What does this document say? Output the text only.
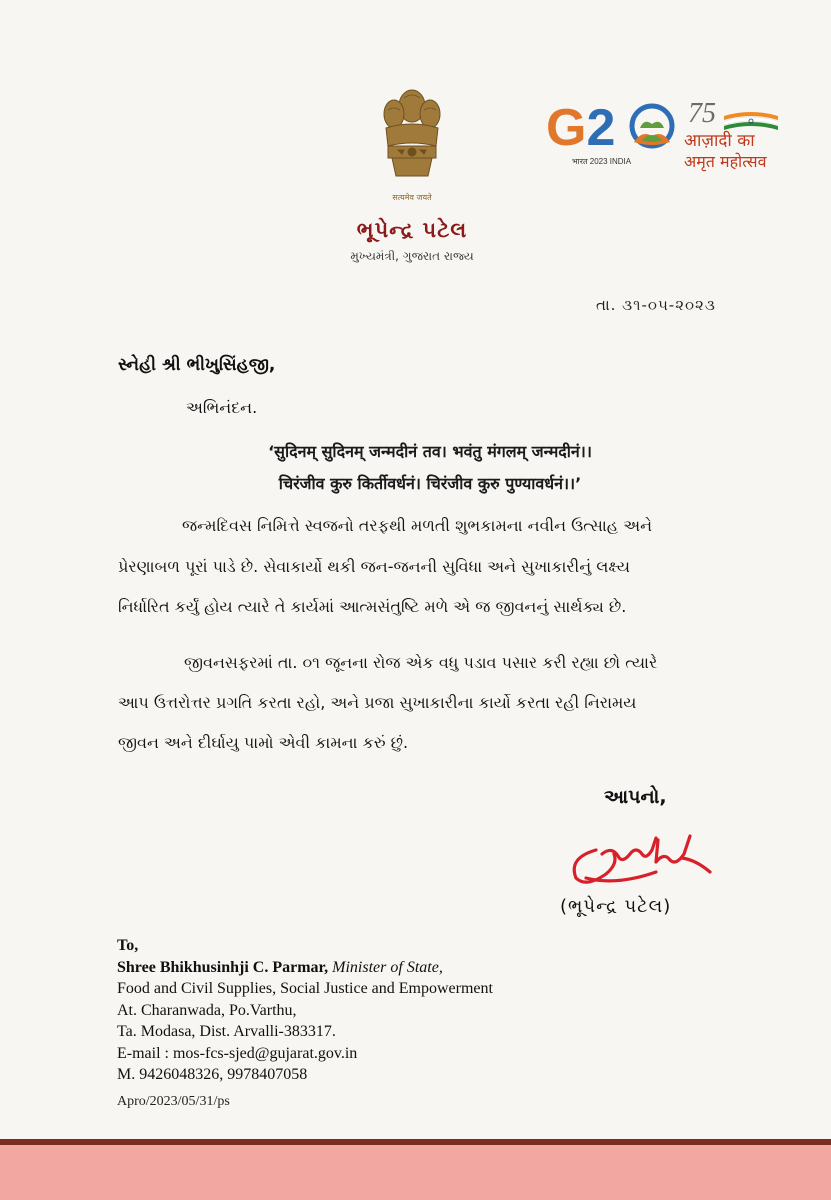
सत्यमेव जयते
G2
भारत 2023 INDIA
75
आज़ादी का
अमृत महोत्सव
ભૂપેન્દ્ર પટેલ
મુખ્યમંત્રી, ગુજરાત રાજ્ય
તા. ૩૧-૦૫-૨૦૨૩
સ્નેહી શ્રી ભીખુસિંહજી,
અભિનંદન.
‘सुदिनम् सुदिनम् जन्मदीनं तव। भवंतु मंगलम् जन्मदीनं।।
चिरंजीव कुरु किर्तीवर्धनं। चिरंजीव कुरु पुण्यावर्धनं।।’
જન્મદિવસ નિમિત્તે સ્વજનો તરફથી મળતી શુભકામના નવીન ઉત્સાહ અને
પ્રેરણાબળ પૂરાં પાડે છે. સેવાકાર્યો થકી જન-જનની સુવિધા અને સુખાકારીનું લક્ષ્ય
નિર્ધારિત કર્યું હોય ત્યારે તે કાર્યમાં આત્મસંતુષ્ટિ મળે એ જ જીવનનું સાર્થક્ય છે.
જીવનસફરમાં તા. ૦૧ જૂનના રોજ એક વધુ પડાવ પસાર કરી રહ્યા છો ત્યારે
આપ ઉત્તરોત્તર પ્રગતિ કરતા રહો, અને પ્રજા સુખાકારીના કાર્યો કરતા રહી નિરામય
જીવન અને દીર્ઘાયુ પામો એવી કામના કરું છું.
આપનો,
(ભૂપેન્દ્ર પટેલ)
To,
Shree Bhikhusinhji C. Parmar, Minister of State,
Food and Civil Supplies, Social Justice and Empowerment
At. Charanwada, Po.Varthu,
Ta. Modasa, Dist. Arvalli-383317.
E-mail : mos-fcs-sjed@gujarat.gov.in
M. 9426048326, 9978407058
Apro/2023/05/31/ps
